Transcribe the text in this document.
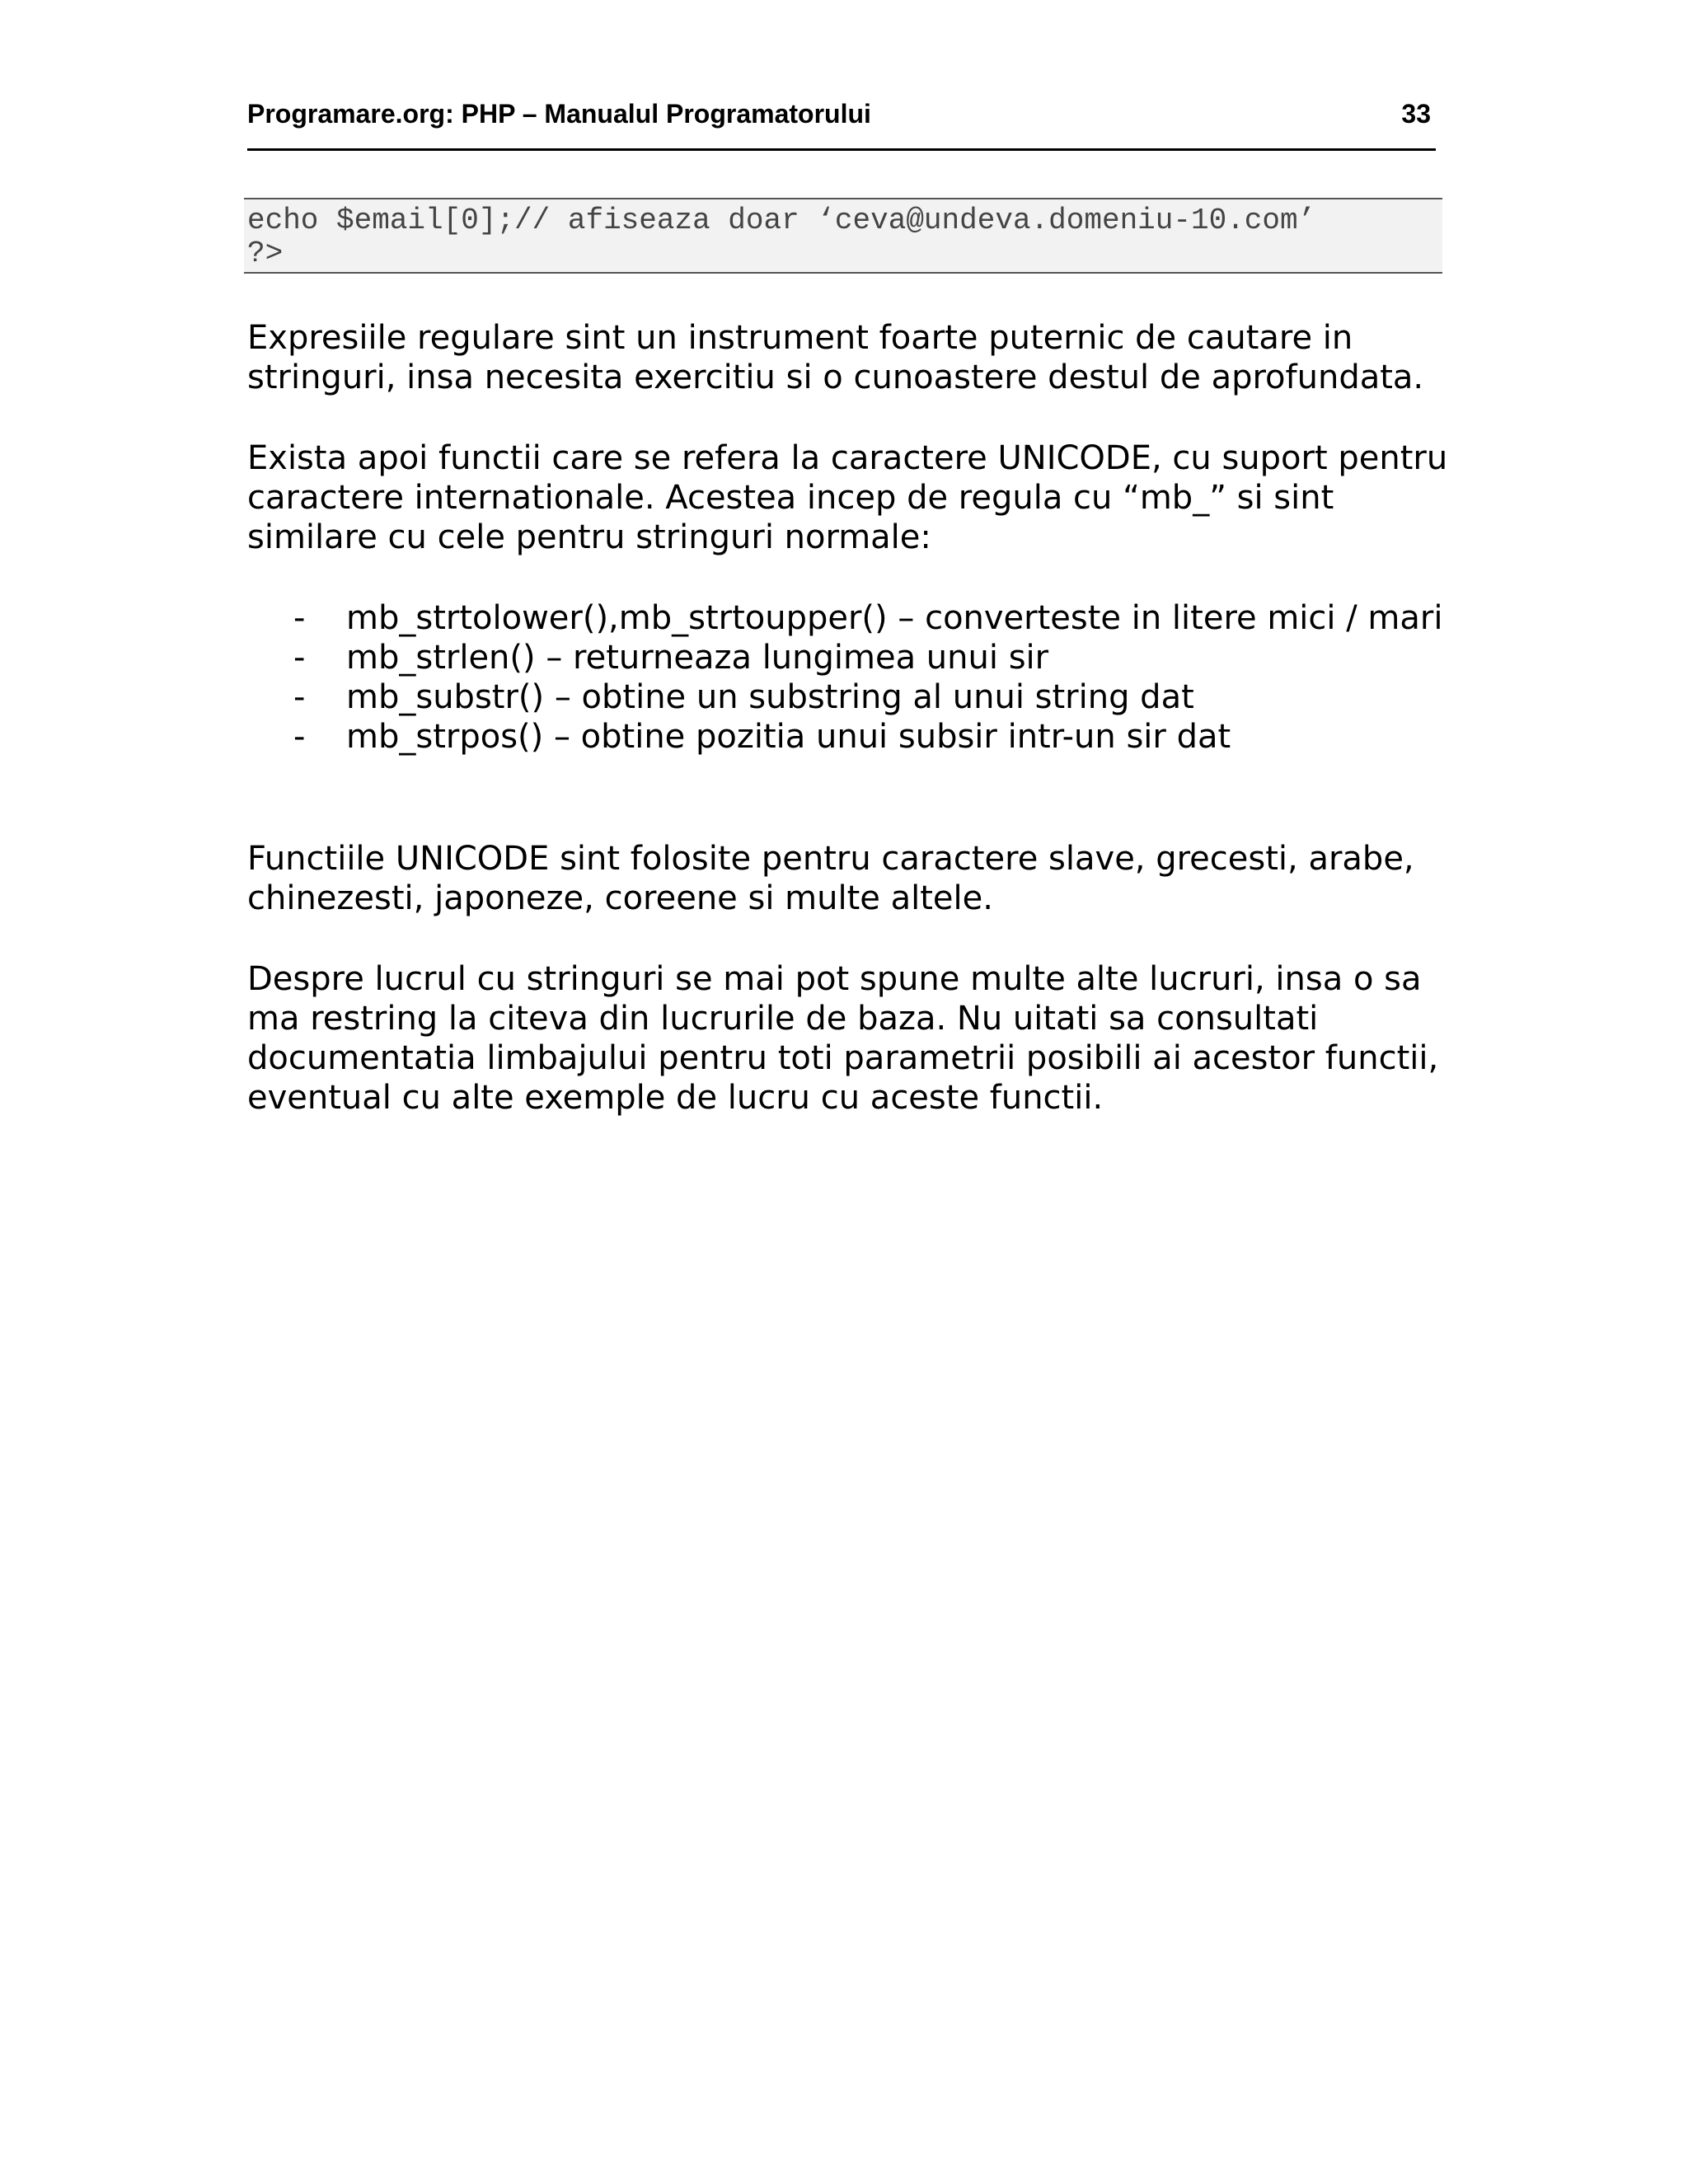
Programare.org: PHP – Manualul Programatorului	33
echo $email[0];// afiseaza doar ‘ceva@undeva.domeniu-10.com’
?>

Expresiile regulare sint un instrument foarte puternic de cautare in stringuri, insa necesita exercitiu si o cunoastere destul de aprofundata.

Exista apoi functii care se refera la caractere UNICODE, cu suport pentru caractere internationale. Acestea incep de regula cu “mb_” si sint similare cu cele pentru stringuri normale:

- mb_strtolower(),mb_strtoupper() – converteste in litere mici / mari
- mb_strlen() – returneaza lungimea unui sir
- mb_substr() – obtine un substring al unui string dat
- mb_strpos() – obtine pozitia unui subsir intr-un sir dat

Functiile UNICODE sint folosite pentru caractere slave, grecesti, arabe, chinezesti, japoneze, coreene si multe altele.

Despre lucrul cu stringuri se mai pot spune multe alte lucruri, insa o sa ma restring la citeva din lucrurile de baza. Nu uitati sa consultati documentatia limbajului pentru toti parametrii posibili ai acestor functii, eventual cu alte exemple de lucru cu aceste functii.
